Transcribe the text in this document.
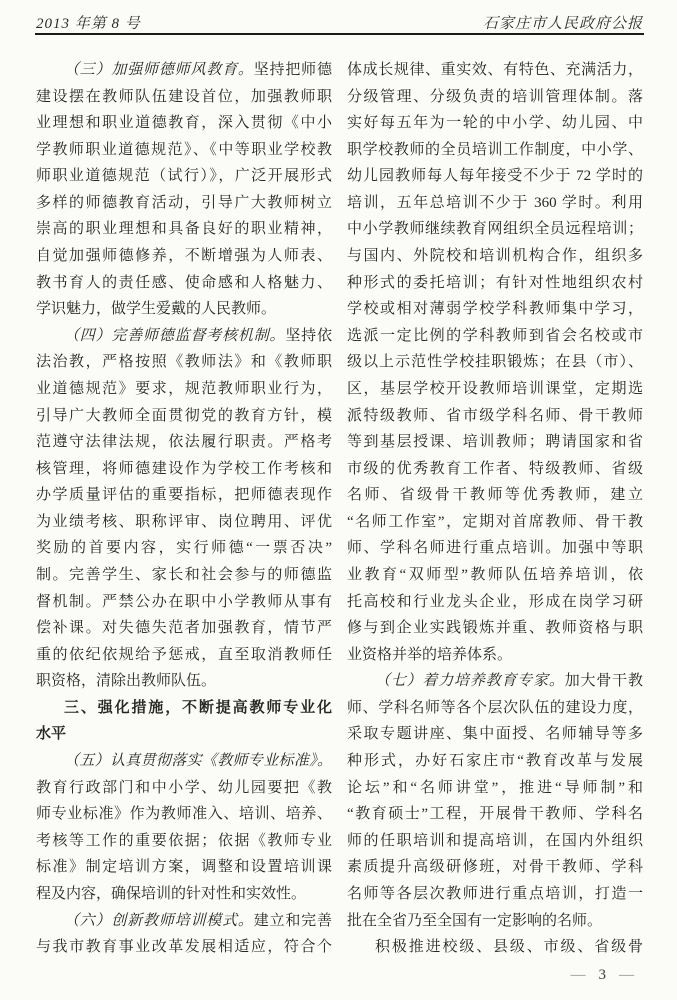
2013 年第 8 号	石家庄市人民政府公报
（三）加强师德师风教育。坚持把师德
建设摆在教师队伍建设首位，加强教师职
业理想和职业道德教育，深入贯彻《中小
学教师职业道德规范》、《中等职业学校教
师职业道德规范（试行）》，广泛开展形式
多样的师德教育活动，引导广大教师树立
崇高的职业理想和具备良好的职业精神，
自觉加强师德修养，不断增强为人师表、
教书育人的责任感、使命感和人格魅力、
学识魅力，做学生爱戴的人民教师。
（四）完善师德监督考核机制。坚持依
法治教，严格按照《教师法》和《教师职
业道德规范》要求，规范教师职业行为，
引导广大教师全面贯彻党的教育方针，模
范遵守法律法规，依法履行职责。严格考
核管理，将师德建设作为学校工作考核和
办学质量评估的重要指标，把师德表现作
为业绩考核、职称评审、岗位聘用、评优
奖励的首要内容，实行师德“一票否决”
制。完善学生、家长和社会参与的师德监
督机制。严禁公办在职中小学教师从事有
偿补课。对失德失范者加强教育，情节严
重的依纪依规给予惩戒，直至取消教师任
职资格，清除出教师队伍。
三、强化措施，不断提高教师专业化
水平
（五）认真贯彻落实《教师专业标准》。
教育行政部门和中小学、幼儿园要把《教
师专业标准》作为教师准入、培训、培养、
考核等工作的重要依据；依据《教师专业
标准》制定培训方案，调整和设置培训课
程及内容，确保培训的针对性和实效性。
（六）创新教师培训模式。建立和完善
与我市教育事业改革发展相适应，符合个
体成长规律、重实效、有特色、充满活力，
分级管理、分级负责的培训管理体制。落
实好每五年为一轮的中小学、幼儿园、中
职学校教师的全员培训工作制度，中小学、
幼儿园教师每人每年接受不少于 72 学时的
培训，五年总培训不少于 360 学时。利用
中小学教师继续教育网组织全员远程培训；
与国内、外院校和培训机构合作，组织多
种形式的委托培训；有针对性地组织农村
学校或相对薄弱学校学科教师集中学习，
选派一定比例的学科教师到省会名校或市
级以上示范性学校挂职锻炼；在县（市）、
区，基层学校开设教师培训课堂，定期选
派特级教师、省市级学科名师、骨干教师
等到基层授课、培训教师；聘请国家和省
市级的优秀教育工作者、特级教师、省级
名师、省级骨干教师等优秀教师，建立
“名师工作室”，定期对首席教师、骨干教
师、学科名师进行重点培训。加强中等职
业教育“双师型”教师队伍培养培训，依
托高校和行业龙头企业，形成在岗学习研
修与到企业实践锻炼并重、教师资格与职
业资格并举的培养体系。
（七）着力培养教育专家。加大骨干教
师、学科名师等各个层次队伍的建设力度，
采取专题讲座、集中面授、名师辅导等多
种形式，办好石家庄市“教育改革与发展
论坛”和“名师讲堂”，推进“导师制”和
“教育硕士”工程，开展骨干教师、学科名
师的任职培训和提高培训，在国内外组织
素质提升高级研修班，对骨干教师、学科
名师等各层次教师进行重点培训，打造一
批在全省乃至全国有一定影响的名师。
积极推进校级、县级、市级、省级骨
— 3 —
